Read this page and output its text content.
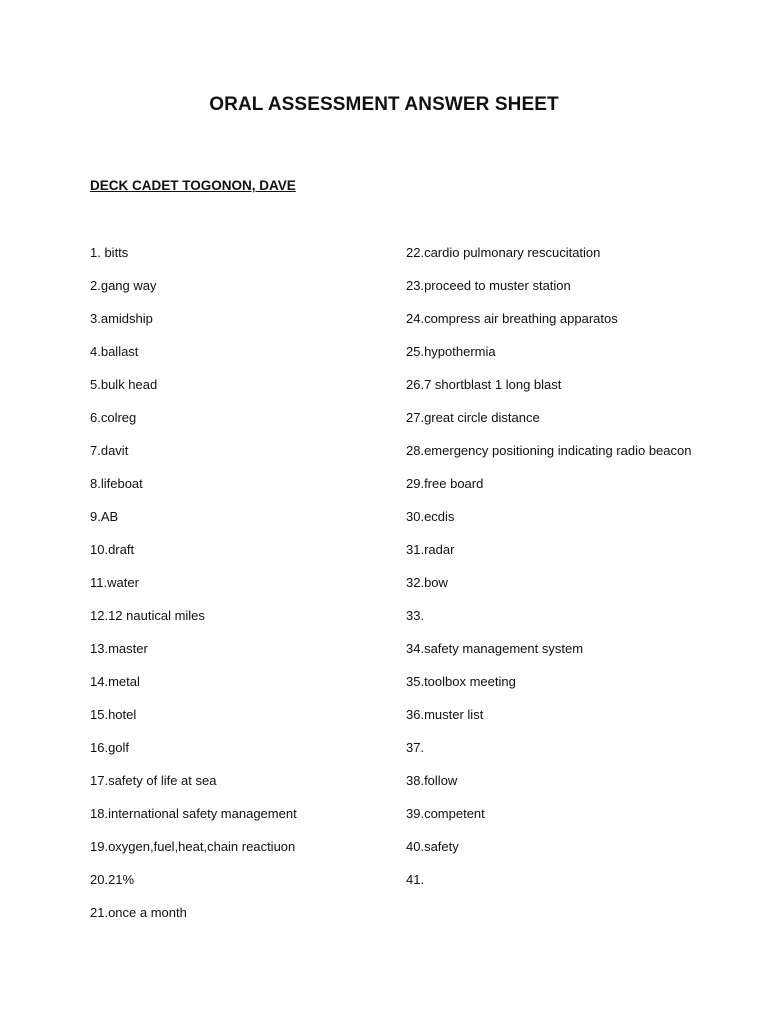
ORAL ASSESSMENT ANSWER SHEET
DECK CADET TOGONON, DAVE
1. bitts
2.gang way
3.amidship
4.ballast
5.bulk head
6.colreg
7.davit
8.lifeboat
9.AB
10.draft
11.water
12.12 nautical miles
13.master
14.metal
15.hotel
16.golf
17.safety of life at sea
18.international safety management
19.oxygen,fuel,heat,chain reactiuon
20.21%
21.once a month
22.cardio pulmonary rescucitation
23.proceed to muster station
24.compress air breathing apparatos
25.hypothermia
26.7 shortblast 1 long blast
27.great circle distance
28.emergency positioning indicating radio beacon
29.free board
30.ecdis
31.radar
32.bow
33.
34.safety management system
35.toolbox meeting
36.muster list
37.
38.follow
39.competent
40.safety
41.
